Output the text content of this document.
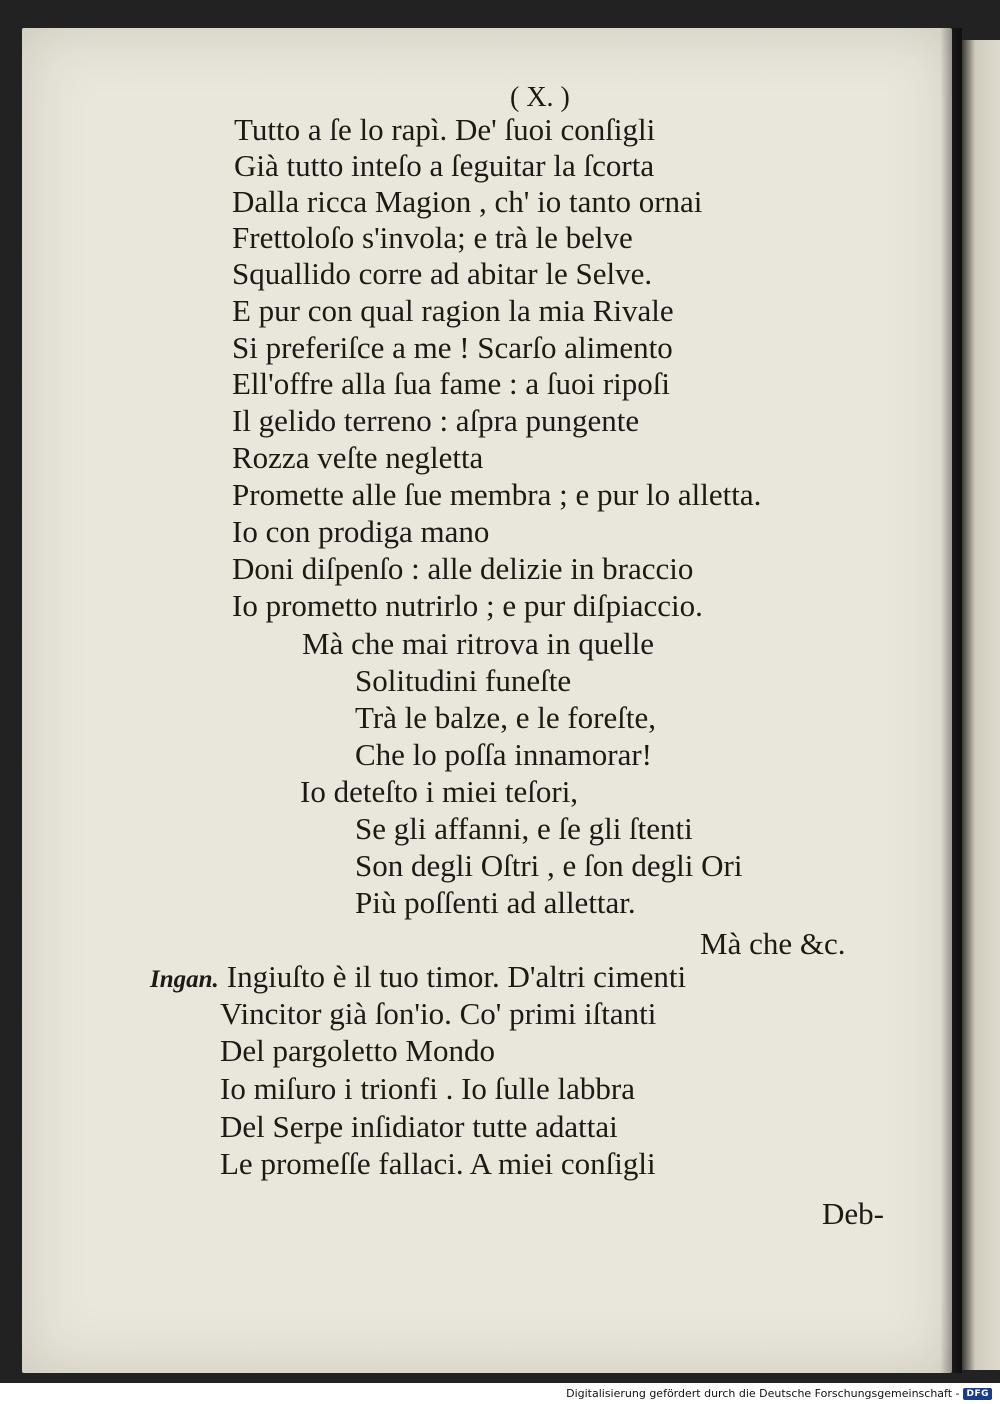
( X. )
Tutto a ſe lo rapì. De' ſuoi conſigli
Già tutto inteſo a ſeguitar la ſcorta
Dalla ricca Magion , ch' io tanto ornai
Frettoloſo s'invola; e trà le belve
Squallido corre ad abitar le Selve.
E pur con qual ragion la mia Rivale
Si preferiſce a me ! Scarſo alimento
Ell'offre alla ſua fame : a ſuoi ripoſi
Il gelido terreno : aſpra pungente
Rozza veſte negletta
Promette alle ſue membra ; e pur lo alletta.
Io con prodiga mano
Doni diſpenſo : alle delizie in braccio
Io prometto nutrirlo ; e pur diſpiaccio.
Mà che mai ritrova in quelle
Solitudini funeſte
Trà le balze, e le foreſte,
Che lo poſſa innamorar!
Io deteſto i miei teſori,
Se gli affanni, e ſe gli ſtenti
Son degli Oſtri , e ſon degli Ori
Più poſſenti ad allettar.
Mà che &c.
Ingan. Ingiuſto è il tuo timor. D'altri cimenti
Vincitor già ſon'io. Co' primi iſtanti
Del pargoletto Mondo
Io miſuro i trionfi . Io ſulle labbra
Del Serpe inſidiator tutte adattai
Le promeſſe fallaci. A miei conſigli
Deb-
Digitalisierung gefördert durch die Deutsche Forschungsgemeinschaft - DFG
